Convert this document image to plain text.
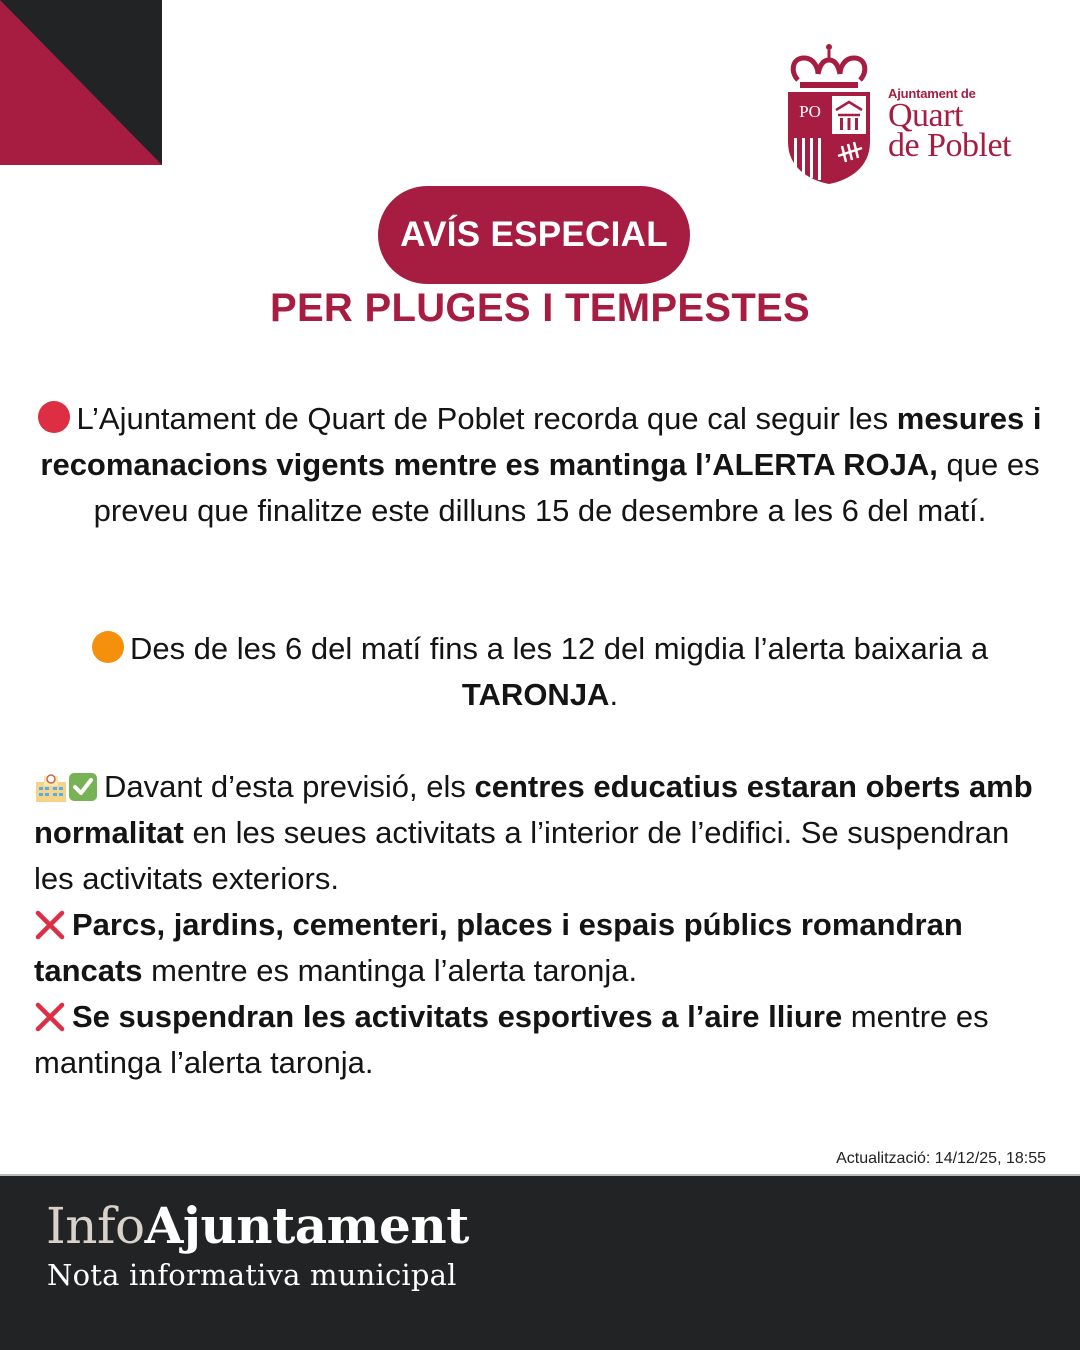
PO
Ajuntament de
Quart
de Poblet
AVÍS ESPECIAL
PER PLUGES I TEMPESTES
L’Ajuntament de Quart de Poblet recorda que cal seguir les mesures i recomanacions vigents mentre es mantinga l’ALERTA ROJA, que es preveu que finalitze este dilluns 15 de desembre a les 6 del matí.
Des de les 6 del matí fins a les 12 del migdia l’alerta baixaria a TARONJA.
Davant d’esta previsió, els centres educatius estaran oberts amb normalitat en les seues activitats a l’interior de l’edifici. Se suspendran les activitats exteriors.
Parcs, jardins, cementeri, places i espais públics romandran tancats mentre es mantinga l’alerta taronja.
Se suspendran les activitats esportives a l’aire lliure mentre es mantinga l’alerta taronja.
Actualització: 14/12/25, 18:55
InfoAjuntament
Nota informativa municipal
